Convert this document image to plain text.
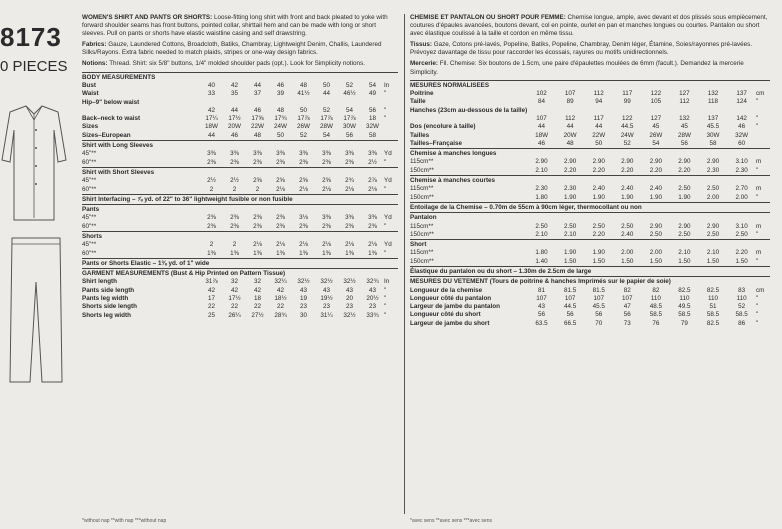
8173
0 PIECES

WOMEN'S SHIRT AND PANTS OR SHORTS: Loose-fitting long shirt with front and back pleated to yoke with forward shoulder seams has front buttons, pointed collar, shirttail hem and can be made with long or short sleeves. Pull on pants or shorts have elastic waistline casing and self drawstring.

Fabrics: Gauze, Laundered Cottons, Broadcloth, Batiks, Chambray, Lightweight Denim, Challis, Laundered Silks/Rayons. Extra fabric needed to match plaids, stripes or one-way design fabrics.

Notions: Thread. Shirt: six 5/8" buttons, 1/4" molded shoulder pads (opt.). Look for Simplicity notions.

BODY MEASUREMENTS									
Bust	40	42	44	46	48	50	52	54	In
Waist	33	35	37	39	41½	44	46½	49	"
Hip–9" below waist									
	42	44	46	48	50	52	54	56	"
Back–neck to waist	17¼	17½	17⅝	17¾	17⅞	17⅞	17⅞	18	"

Sizes	18W	20W	22W	24W	26W	28W	30W	32W	
Sizes–European	44	46	48	50	52	54	56	58	
Shirt with Long Sleeves									
45"**	3⅜	3⅜	3⅜	3⅜	3⅜	3⅜	3⅜	3⅜	Yd
60"**	2⅜	2⅜	2⅜	2⅜	2⅜	2⅜	2⅜	2½	"
Shirt with Short Sleeves									
45"**	2½	2½	2⅝	2⅝	2⅝	2⅝	2¾	2⅞	Yd
60"**	2	2	2	2⅛	2⅛	2⅛	2⅛	2⅛	"
Shirt Interfacing – ⅞ yd. of 22" to 36" lightweight fusible or non fusible									
Pants									
45"**	2⅜	2⅜	2⅜	2⅜	3⅛	3⅜	3⅜	3⅜	Yd
60"**	2⅜	2⅜	2⅜	2⅜	2⅜	2⅜	2⅜	2⅜	"
Shorts									
45"**	2	2	2⅛	2⅛	2⅛	2⅛	2⅛	2⅛	Yd
60"**	1⅜	1⅜	1⅜	1⅜	1⅜	1⅜	1⅜	1⅜	"
Pants or Shorts Elastic – 1⅜ yd. of 1" wide									
GARMENT MEASUREMENTS (Bust & Hip Printed on Pattern Tissue)									
Shirt length	31⅞	32	32	32¼	32½	32½	32½	32¾	In
Pants side length	42	42	42	42	43	43	43	43	"
Pants leg width	17	17½	18	18½	19	19½	20	20½	"
Shorts side length	22	22	22	22	23	23	23	23	"
Shorts leg width	25	26¼	27½	28¾	30	31¼	32½	33¾	"

CHEMISE ET PANTALON OU SHORT POUR FEMME: Chemise longue, ample, avec devant et dos plissés sous empiècement, coutures d'épaules avancées, boutons devant, col en pointe, ourlet en pan et manches longues ou courtes. Pantalon ou short avec élastique coulissé à la taille et cordon en même tissu.

Tissus: Gaze, Cotons pré-lavés, Popeline, Batiks, Popeline, Chambray, Denim léger, Étamine, Soies/rayonnes pré-lavées. Prévoyez davantage de tissu pour raccorder les écossais, rayures ou motifs unidirectionnels.

Mercerie: Fil. Chemise: Six boutons de 1.5cm, une paire d'épaulettes moulées de 6mm (facult.). Demandez la mercerie Simplicity.

MESURES NORMALISEES									
Poitrine	102	107	112	117	122	127	132	137	cm
Taille	84	89	94	99	105	112	118	124	"
Hanches (23cm au-dessous de la taille)									
	107	112	117	122	127	132	137	142	"
Dos (encolure à taille)	44	44	44	44.5	45	45	45.5	46	"

Tailles	18W	20W	22W	24W	26W	28W	30W	32W	
Tailles–Française	46	48	50	52	54	56	58	60	
Chemise à manches longues									
115cm**	2.90	2.90	2.90	2.90	2.90	2.90	2.90	3.10	m
150cm**	2.10	2.20	2.20	2.20	2.20	2.20	2.30	2.30	"
Chemise à manches courtes									
115cm**	2.30	2.30	2.40	2.40	2.40	2.50	2.50	2.70	m
150cm**	1.80	1.90	1.90	1.90	1.90	1.90	2.00	2.00	"
Entoilage de la Chemise – 0.70m de 55cm à 90cm léger, thermocollant ou non									
Pantalon									
115cm**	2.50	2.50	2.50	2.50	2.90	2.90	2.90	3.10	m
150cm**	2.10	2.10	2.20	2.40	2.50	2.50	2.50	2.50	"
Short									
115cm**	1.80	1.90	1.90	2.00	2.00	2.10	2.10	2.20	m
150cm**	1.40	1.50	1.50	1.50	1.50	1.50	1.50	1.50	"
Élastique du pantalon ou du short – 1.30m de 2.5cm de large									
MESURES DU VETEMENT (Tours de poitrine & hanches Imprimés sur le papier de soie)									
Longueur de la chemise	81	81.5	81.5	82	82	82.5	82.5	83	cm
Longueur côté du pantalon	107	107	107	107	110	110	110	110	"
Largeur de jambe du pantalon	43	44.5	45.5	47	48.5	49.5	51	52	"
Longueur côté du short	56	56	56	56	58.5	58.5	58.5	58.5	"
Largeur de jambe du short	63.5	66.5	70	73	76	79	82.5	86	"
*without nap **with nap ***without nap	*avec sens **avec sens ***avec sens
